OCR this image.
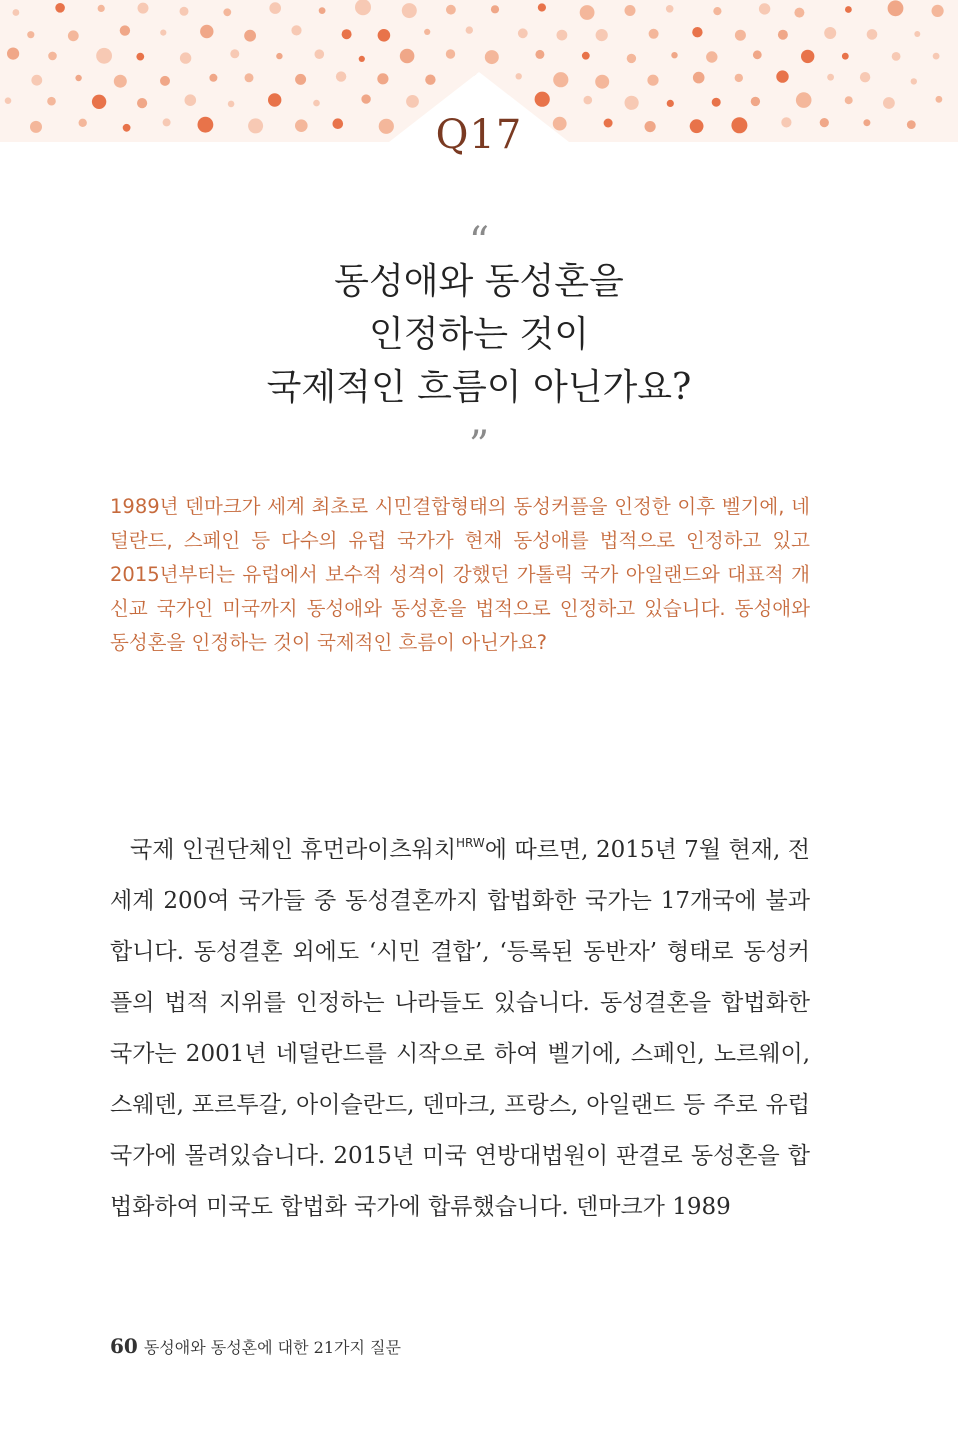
Q17
“
동성애와 동성혼을
인정하는 것이
국제적인 흐름이 아닌가요?
”
1989년 덴마크가 세계 최초로 시민결합형태의 동성커플을 인정한 이후 벨기에, 네덜란드, 스페인 등 다수의 유럽 국가가 현재 동성애를 법적으로 인정하고 있고 2015년부터는 유럽에서 보수적 성격이 강했던 가톨릭 국가 아일랜드와 대표적 개신교 국가인 미국까지 동성애와 동성혼을 법적으로 인정하고 있습니다. 동성애와 동성혼을 인정하는 것이 국제적인 흐름이 아닌가요?
국제 인권단체인 휴먼라이츠워치$^{HRW}$에 따르면, 2015년 7월 현재, 전 세계 200여 국가들 중 동성결혼까지 합법화한 국가는 17개국에 불과합니다. 동성결혼 외에도 ‘시민 결합’, ‘등록된 동반자’ 형태로 동성커플의 법적 지위를 인정하는 나라들도 있습니다. 동성결혼을 합법화한 국가는 2001년 네덜란드를 시작으로 하여 벨기에, 스페인, 노르웨이, 스웨덴, 포르투갈, 아이슬란드, 덴마크, 프랑스, 아일랜드 등 주로 유럽국가에 몰려있습니다. 2015년 미국 연방대법원이 판결로 동성혼을 합법화하여 미국도 합법화 국가에 합류했습니다. 덴마크가 1989
60 동성애와 동성혼에 대한 21가지 질문
